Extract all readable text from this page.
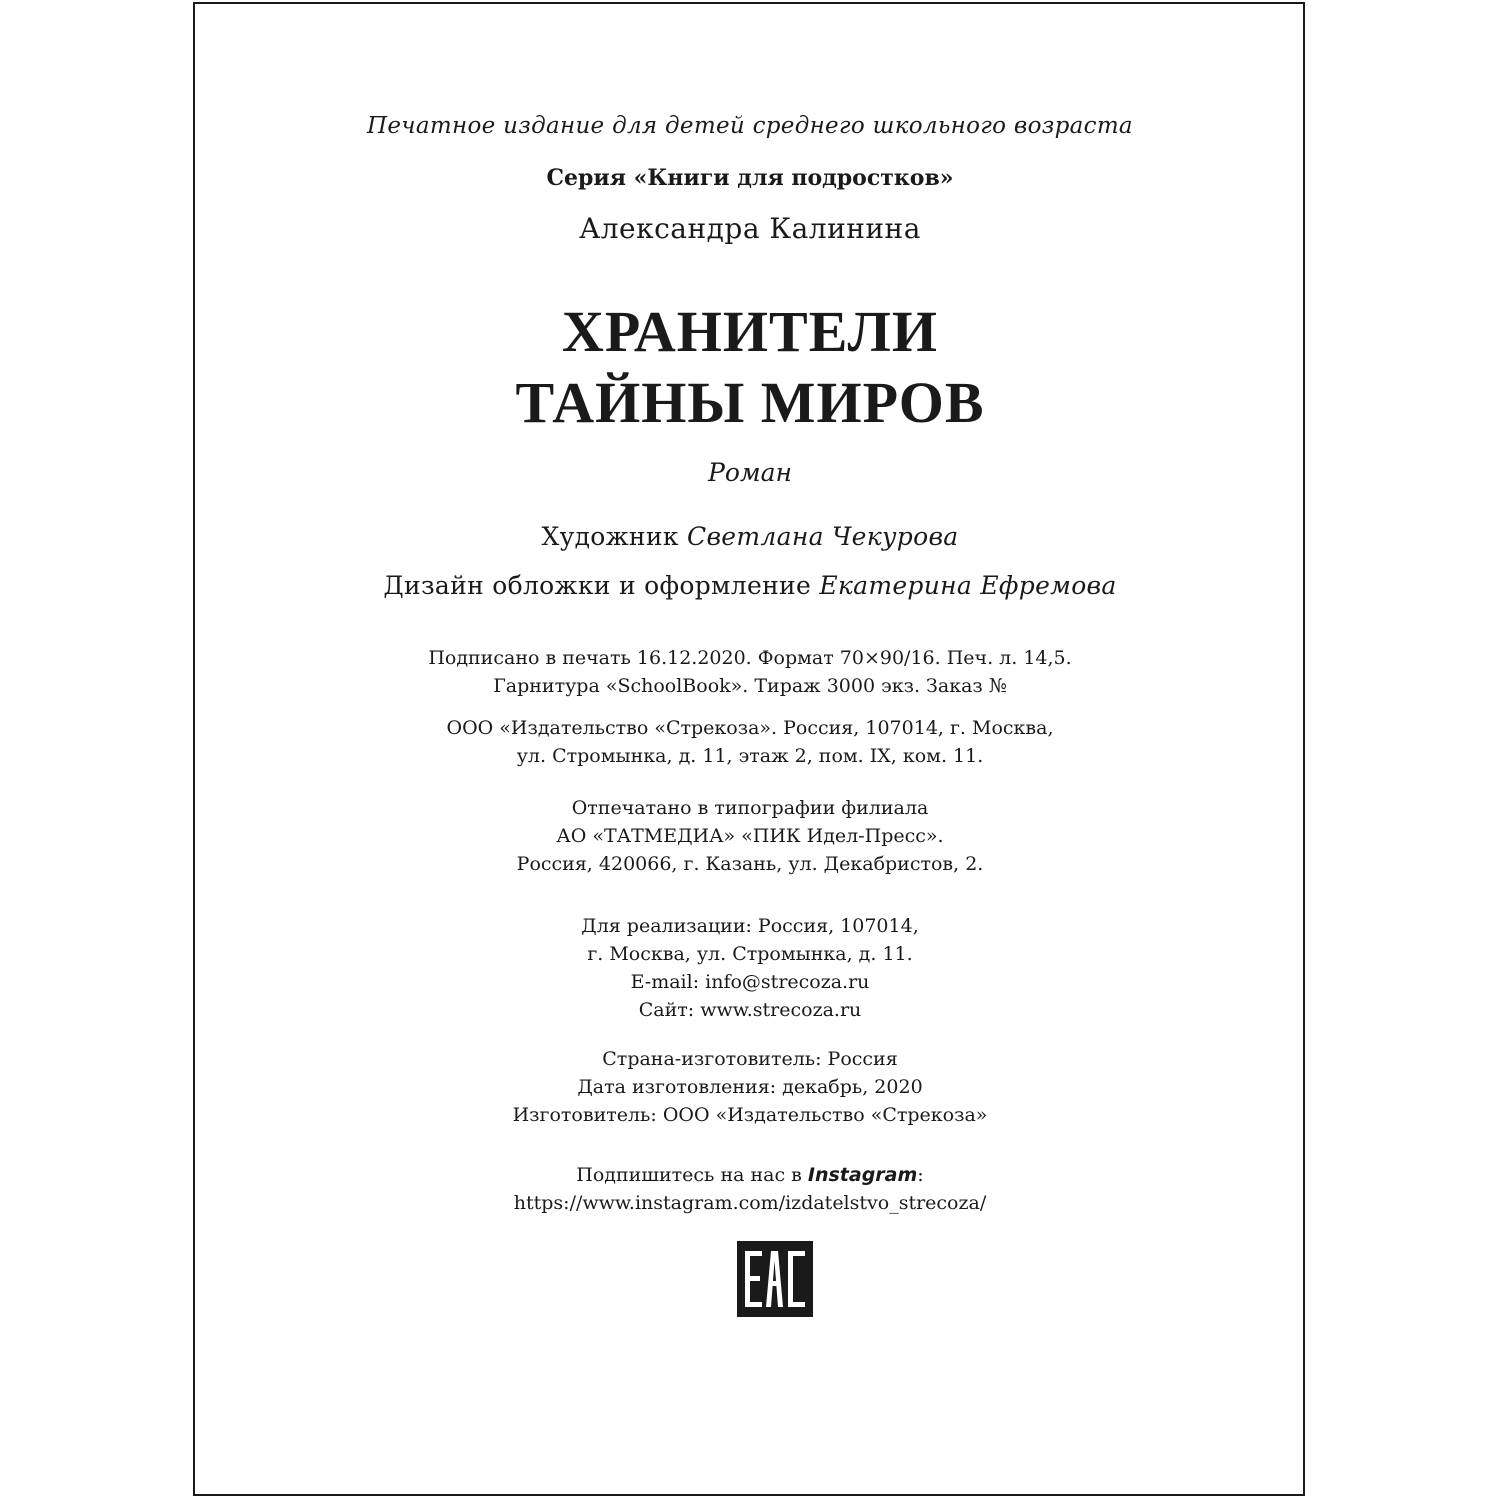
Печатное издание для детей среднего школьного возраста
Серия «Книги для подростков»
Александра Калинина
ХРАНИТЕЛИ
ТАЙНЫ МИРОВ
Роман
Художник Светлана Чекурова
Дизайн обложки и оформление Екатерина Ефремова
Подписано в печать 16.12.2020. Формат 70×90/16. Печ. л. 14,5.
Гарнитура «SchoolBook». Тираж 3000 экз. Заказ №
ООО «Издательство «Стрекоза». Россия, 107014, г. Москва,
ул. Стромынка, д. 11, этаж 2, пом. IX, ком. 11.
Отпечатано в типографии филиала
АО «ТАТМЕДИА» «ПИК Идел-Пресс».
Россия, 420066, г. Казань, ул. Декабристов, 2.
Для реализации: Россия, 107014,
г. Москва, ул. Стромынка, д. 11.
E-mail: info@strecoza.ru
Сайт: www.strecoza.ru
Страна-изготовитель: Россия
Дата изготовления: декабрь, 2020
Изготовитель: ООО «Издательство «Стрекоза»
Подпишитесь на нас в Instagram:
https://www.instagram.com/izdatelstvo_strecoza/
